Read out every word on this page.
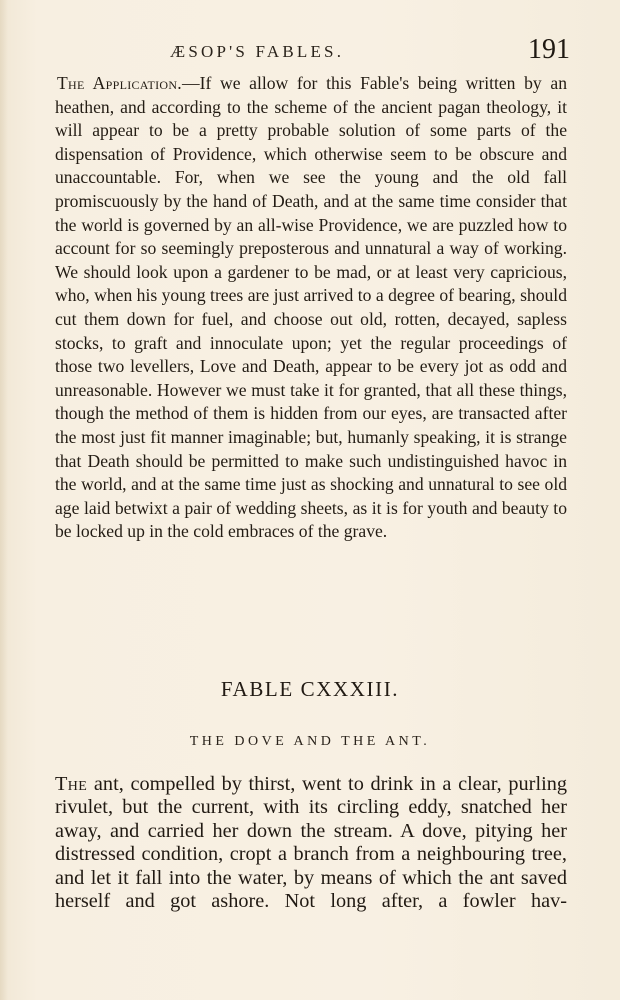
ÆSOP'S FABLES.	191

The Application.—If we allow for this Fable's being written by an heathen, and according to the scheme of the ancient pagan theology, it will appear to be a pretty probable solution of some parts of the dispensation of Providence, which otherwise seem to be obscure and unaccountable. For, when we see the young and the old fall promiscuously by the hand of Death, and at the same time consider that the world is governed by an all-wise Providence, we are puzzled how to account for so seemingly preposterous and unnatural a way of working. We should look upon a gardener to be mad, or at least very capricious, who, when his young trees are just arrived to a degree of bearing, should cut them down for fuel, and choose out old, rotten, decayed, sapless stocks, to graft and innoculate upon; yet the regular proceedings of those two levellers, Love and Death, appear to be every jot as odd and unreasonable. However we must take it for granted, that all these things, though the method of them is hidden from our eyes, are transacted after the most just fit manner imaginable; but, humanly speaking, it is strange that Death should be permitted to make such undistinguished havoc in the world, and at the same time just as shocking and unnatural to see old age laid betwixt a pair of wedding sheets, as it is for youth and beauty to be locked up in the cold embraces of the grave.

FABLE CXXXIII.
THE DOVE AND THE ANT.

The ant, compelled by thirst, went to drink in a clear, purling rivulet, but the current, with its circling eddy, snatched her away, and carried her down the stream. A dove, pitying her distressed condition, cropt a branch from a neighbouring tree, and let it fall into the water, by means of which the ant saved herself and got ashore. Not long after, a fowler hav-
